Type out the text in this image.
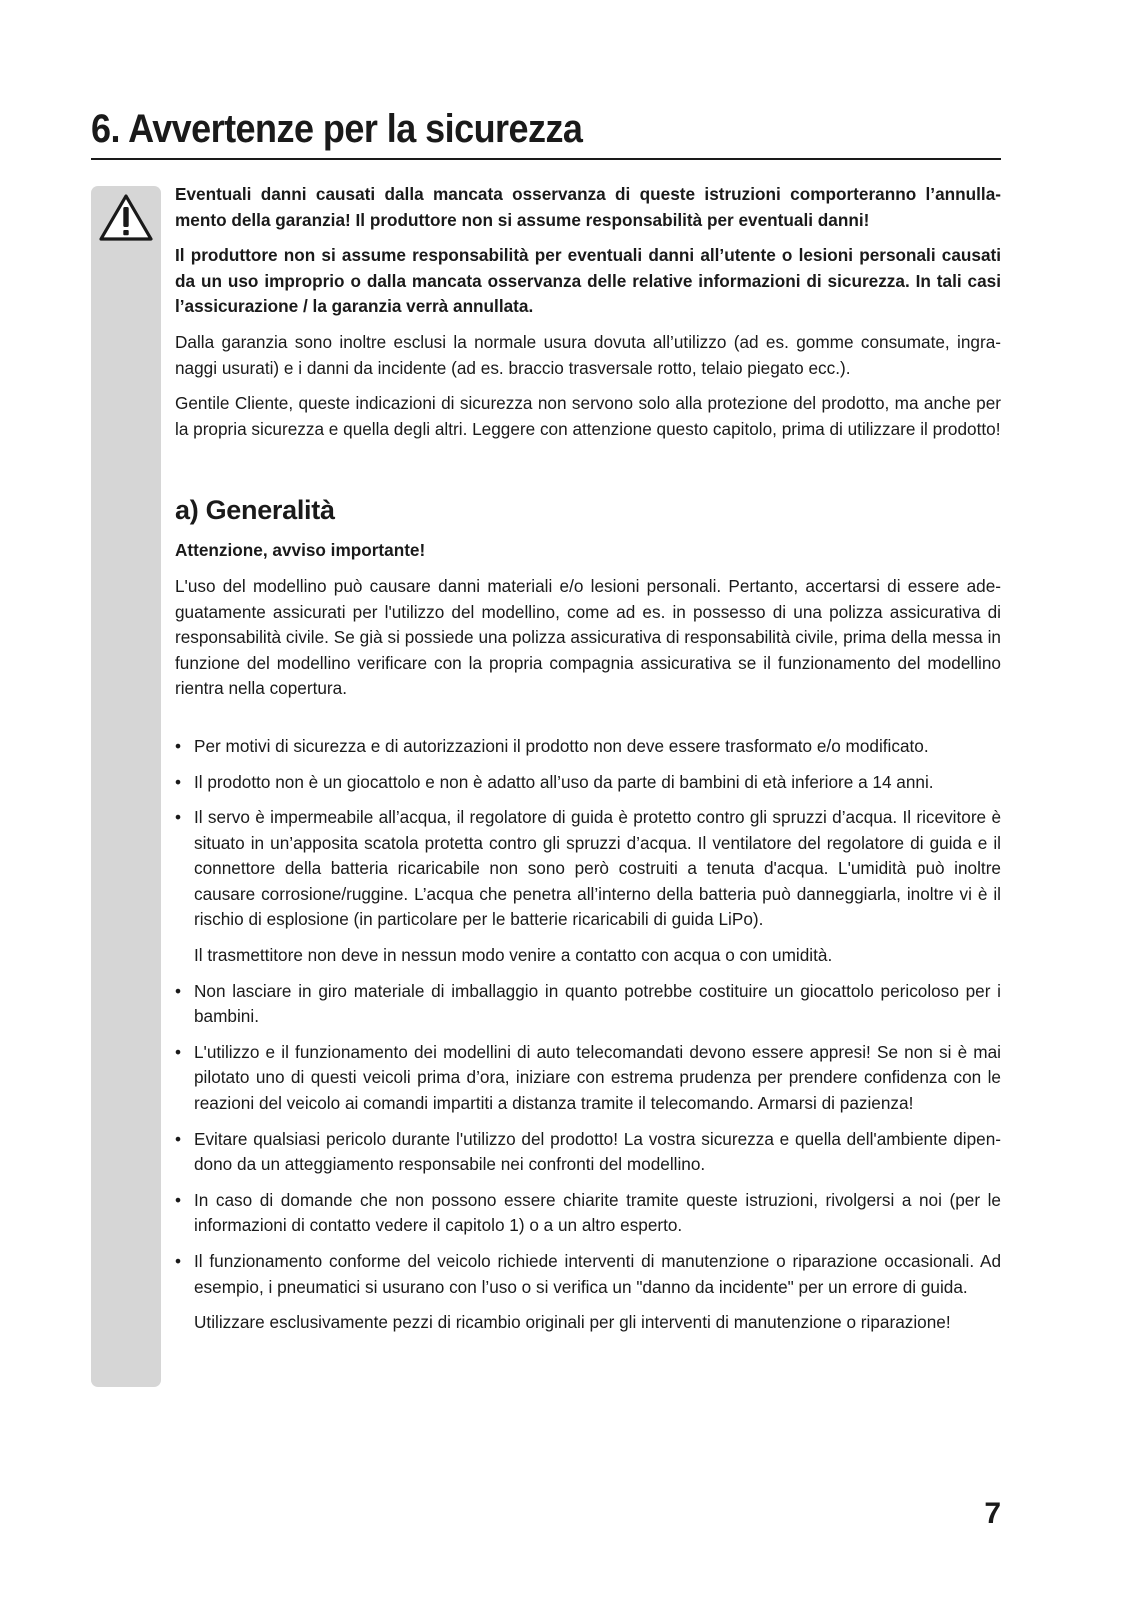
6. Avvertenze per la sicurezza

Eventuali danni causati dalla mancata osservanza di queste istruzioni comporteranno l’annullamento della garanzia! Il produttore non si assume responsabilità per eventuali danni!

Il produttore non si assume responsabilità per eventuali danni all’utente o lesioni personali causati da un uso improprio o dalla mancata osservanza delle relative informazioni di sicurezza. In tali casi l’assicurazione / la garanzia verrà annullata.

Dalla garanzia sono inoltre esclusi la normale usura dovuta all’utilizzo (ad es. gomme consumate, ingranaggi usurati) e i danni da incidente (ad es. braccio trasversale rotto, telaio piegato ecc.).

Gentile Cliente, queste indicazioni di sicurezza non servono solo alla protezione del prodotto, ma anche per la propria sicurezza e quella degli altri. Leggere con attenzione questo capitolo, prima di utilizzare il prodotto!

a) Generalità

Attenzione, avviso importante!

L'uso del modellino può causare danni materiali e/o lesioni personali. Pertanto, accertarsi di essere adeguatamente assicurati per l'utilizzo del modellino, come ad es. in possesso di una polizza assicurativa di responsabilità civile. Se già si possiede una polizza assicurativa di responsabilità civile, prima della messa in funzione del modellino verificare con la propria compagnia assicurativa se il funzionamento del modellino rientra nella copertura.

• Per motivi di sicurezza e di autorizzazioni il prodotto non deve essere trasformato e/o modificato.

• Il prodotto non è un giocattolo e non è adatto all’uso da parte di bambini di età inferiore a 14 anni.

• Il servo è impermeabile all’acqua, il regolatore di guida è protetto contro gli spruzzi d’acqua. Il ricevitore è situato in un’apposita scatola protetta contro gli spruzzi d’acqua. Il ventilatore del regolatore di guida e il connettore della batteria ricaricabile non sono però costruiti a tenuta d'acqua. L'umidità può inoltre causare corrosione/ruggine. L’acqua che penetra all’interno della batteria può danneggiarla, inoltre vi è il rischio di esplosione (in particolare per le batterie ricaricabili di guida LiPo).

Il trasmettitore non deve in nessun modo venire a contatto con acqua o con umidità.

• Non lasciare in giro materiale di imballaggio in quanto potrebbe costituire un giocattolo pericoloso per i bambini.

• L'utilizzo e il funzionamento dei modellini di auto telecomandati devono essere appresi! Se non si è mai pilotato uno di questi veicoli prima d’ora, iniziare con estrema prudenza per prendere confidenza con le reazioni del veicolo ai comandi impartiti a distanza tramite il telecomando. Armarsi di pazienza!

• Evitare qualsiasi pericolo durante l'utilizzo del prodotto! La vostra sicurezza e quella dell'ambiente dipendono da un atteggiamento responsabile nei confronti del modellino.

• In caso di domande che non possono essere chiarite tramite queste istruzioni, rivolgersi a noi (per le informazioni di contatto vedere il capitolo 1) o a un altro esperto.

• Il funzionamento conforme del veicolo richiede interventi di manutenzione o riparazione occasionali. Ad esempio, i pneumatici si usurano con l’uso o si verifica un "danno da incidente" per un errore di guida.

Utilizzare esclusivamente pezzi di ricambio originali per gli interventi di manutenzione o riparazione!

7
